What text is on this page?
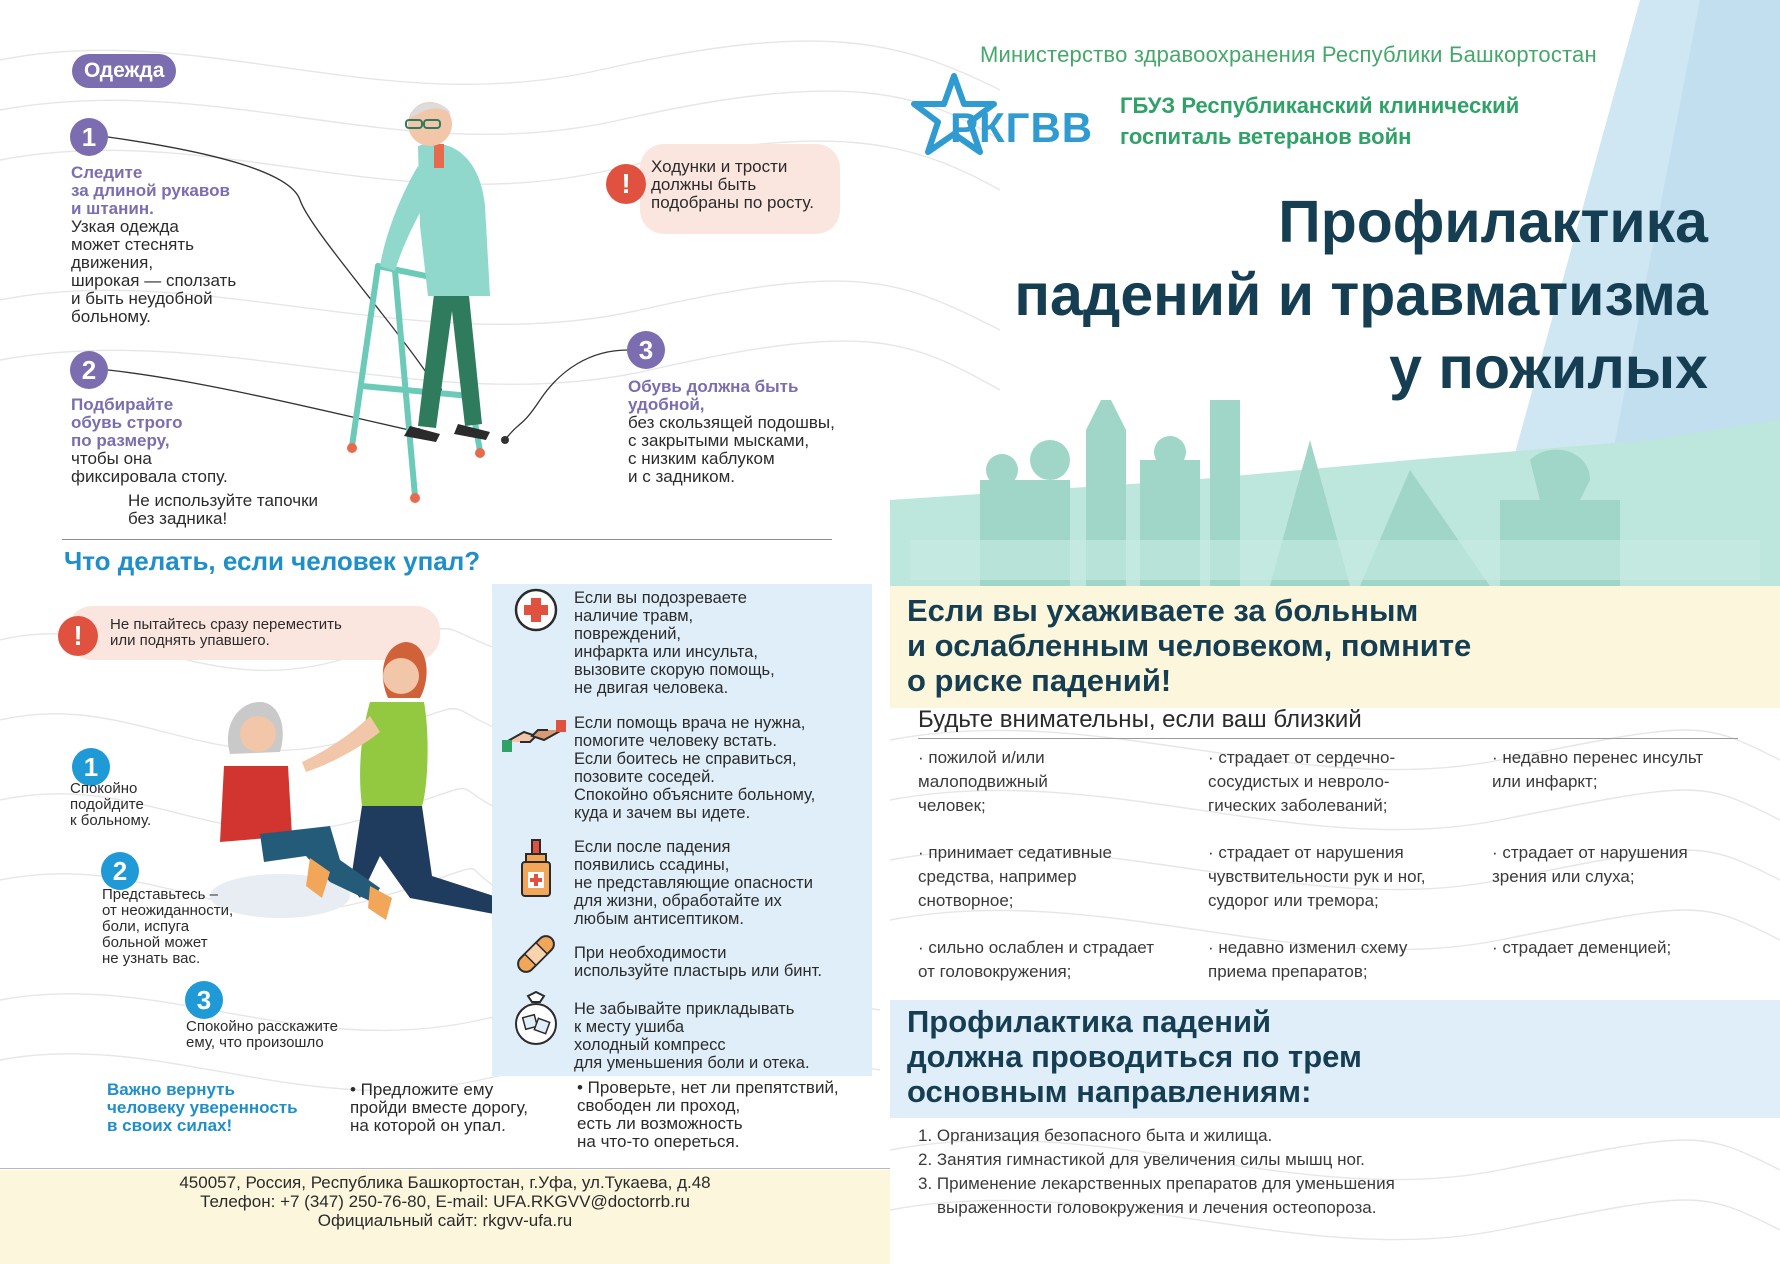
Одежда
1
Следите
за длиной рукавов
и штанин.
Узкая одежда
может стеснять
движения,
широкая — сползать
и быть неудобной
больному.
2
Подбирайте
обувь строго
по размеру,
чтобы она
фиксировала стопу.
Не используйте тапочки
без задника!
3
Обувь должна быть
удобной,
без скользящей подошвы,
с закрытыми мысками,
с низким каблуком
и с задником.
!
Ходунки и трости
должны быть
подобраны по росту.
Что делать, если человек упал?
!	Не пытайтесь сразу переместить
или поднять упавшего.
1
Спокойно
подойдите
к больному.
2
Представьтесь –
от неожиданности,
боли, испуга
больной может
не узнать вас.
3
Спокойно расскажите
ему, что произошло
Если вы подозреваете
наличие травм,
повреждений,
инфаркта или инсульта,
вызовите скорую помощь,
не двигая человека.
Если помощь врача не нужна,
помогите человеку встать.
Если боитесь не справиться,
позовите соседей.
Спокойно объясните больному,
куда и зачем вы идете.
Если после падения
появились ссадины,
не представляющие опасности
для жизни, обработайте их
любым антисептиком.
При необходимости
используйте пластырь или бинт.
Не забывайте прикладывать
к месту ушиба
холодный компресс
для уменьшения боли и отека.
Важно вернуть
человеку уверенность
в своих силах!
• Предложите ему
пройди вместе дорогу,
на которой он упал.
• Проверьте, нет ли препятствий,
свободен ли проход,
есть ли возможность
на что-то опереться.
450057, Россия, Республика Башкортостан, г.Уфа, ул.Тукаева, д.48
Телефон: +7 (347) 250-76-80, E-mail: UFA.RKGVV@doctorrb.ru
Официальный сайт: rkgvv-ufa.ru
Министерство здравоохранения Республики Башкортостан
РКГВВ ГБУЗ Республиканский клинический
госпиталь ветеранов войн
Профилактика
падений и травматизма
у пожилых
Если вы ухаживаете за больным
и ослабленным человеком, помните
о риске падений!
Будьте внимательны, если ваш близкий
· пожилой и/или
малоподвижный
человек;
· страдает от сердечно-
сосудистых и невроло-
гических заболеваний;
· недавно перенес инсульт
или инфаркт;
· принимает седативные
средства, например
снотворное;
· страдает от нарушения
чувствительности рук и ног,
судорог или тремора;
· страдает от нарушения
зрения или слуха;
· сильно ослаблен и страдает
от головокружения;
· недавно изменил схему
приема препаратов;
· страдает деменцией;
Профилактика падений
должна проводиться по трем
основным направлениям:
1. Организация безопасного быта и жилища.
2. Занятия гимнастикой для увеличения силы мышц ног.
3. Применение лекарственных препаратов для уменьшения
выраженности головокружения и лечения остеопороза.
